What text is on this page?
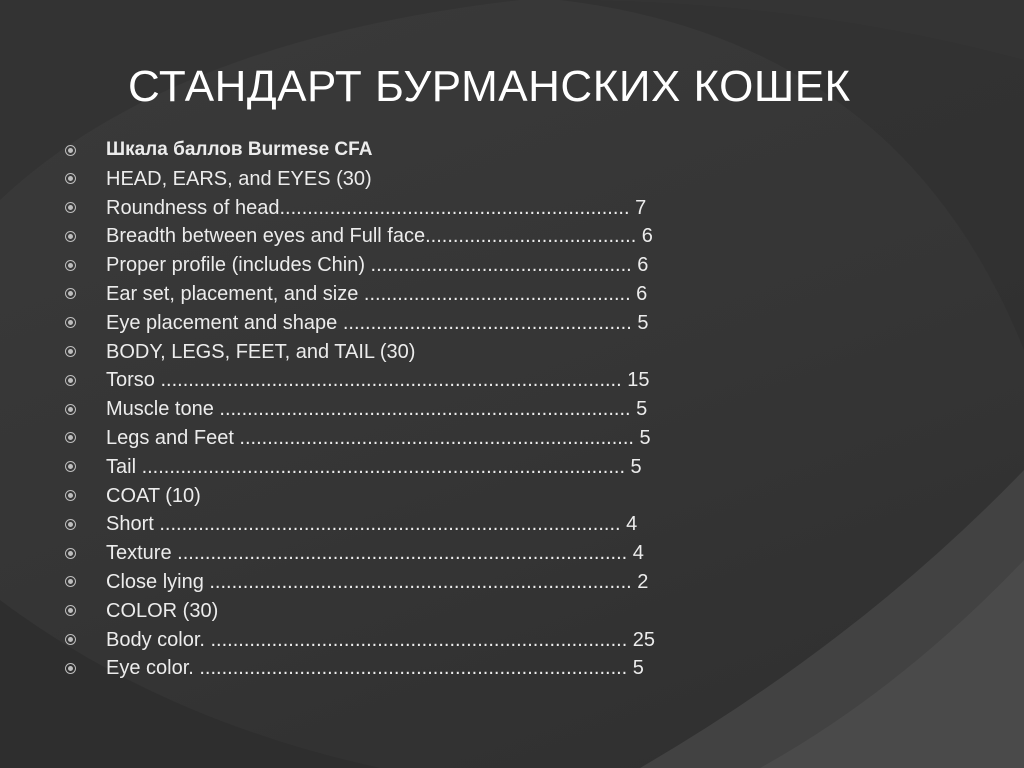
СТАНДАРТ БУРМАНСКИХ КОШЕК
Шкала баллов Burmese CFA
HEAD, EARS, and EYES (30)
Roundness of head............................................................... 7
Breadth between eyes and Full face...................................... 6
Proper profile (includes Chin) ............................................... 6
Ear set, placement, and size ................................................ 6
Eye placement and shape .................................................... 5
BODY, LEGS, FEET, and TAIL (30)
Torso ................................................................................... 15
Muscle tone .......................................................................... 5
Legs and Feet ....................................................................... 5
Tail ....................................................................................... 5
COAT (10)
Short ................................................................................... 4
Texture ................................................................................. 4
Close lying ............................................................................ 2
COLOR (30)
Body color. ........................................................................... 25
Eye color. ............................................................................. 5
